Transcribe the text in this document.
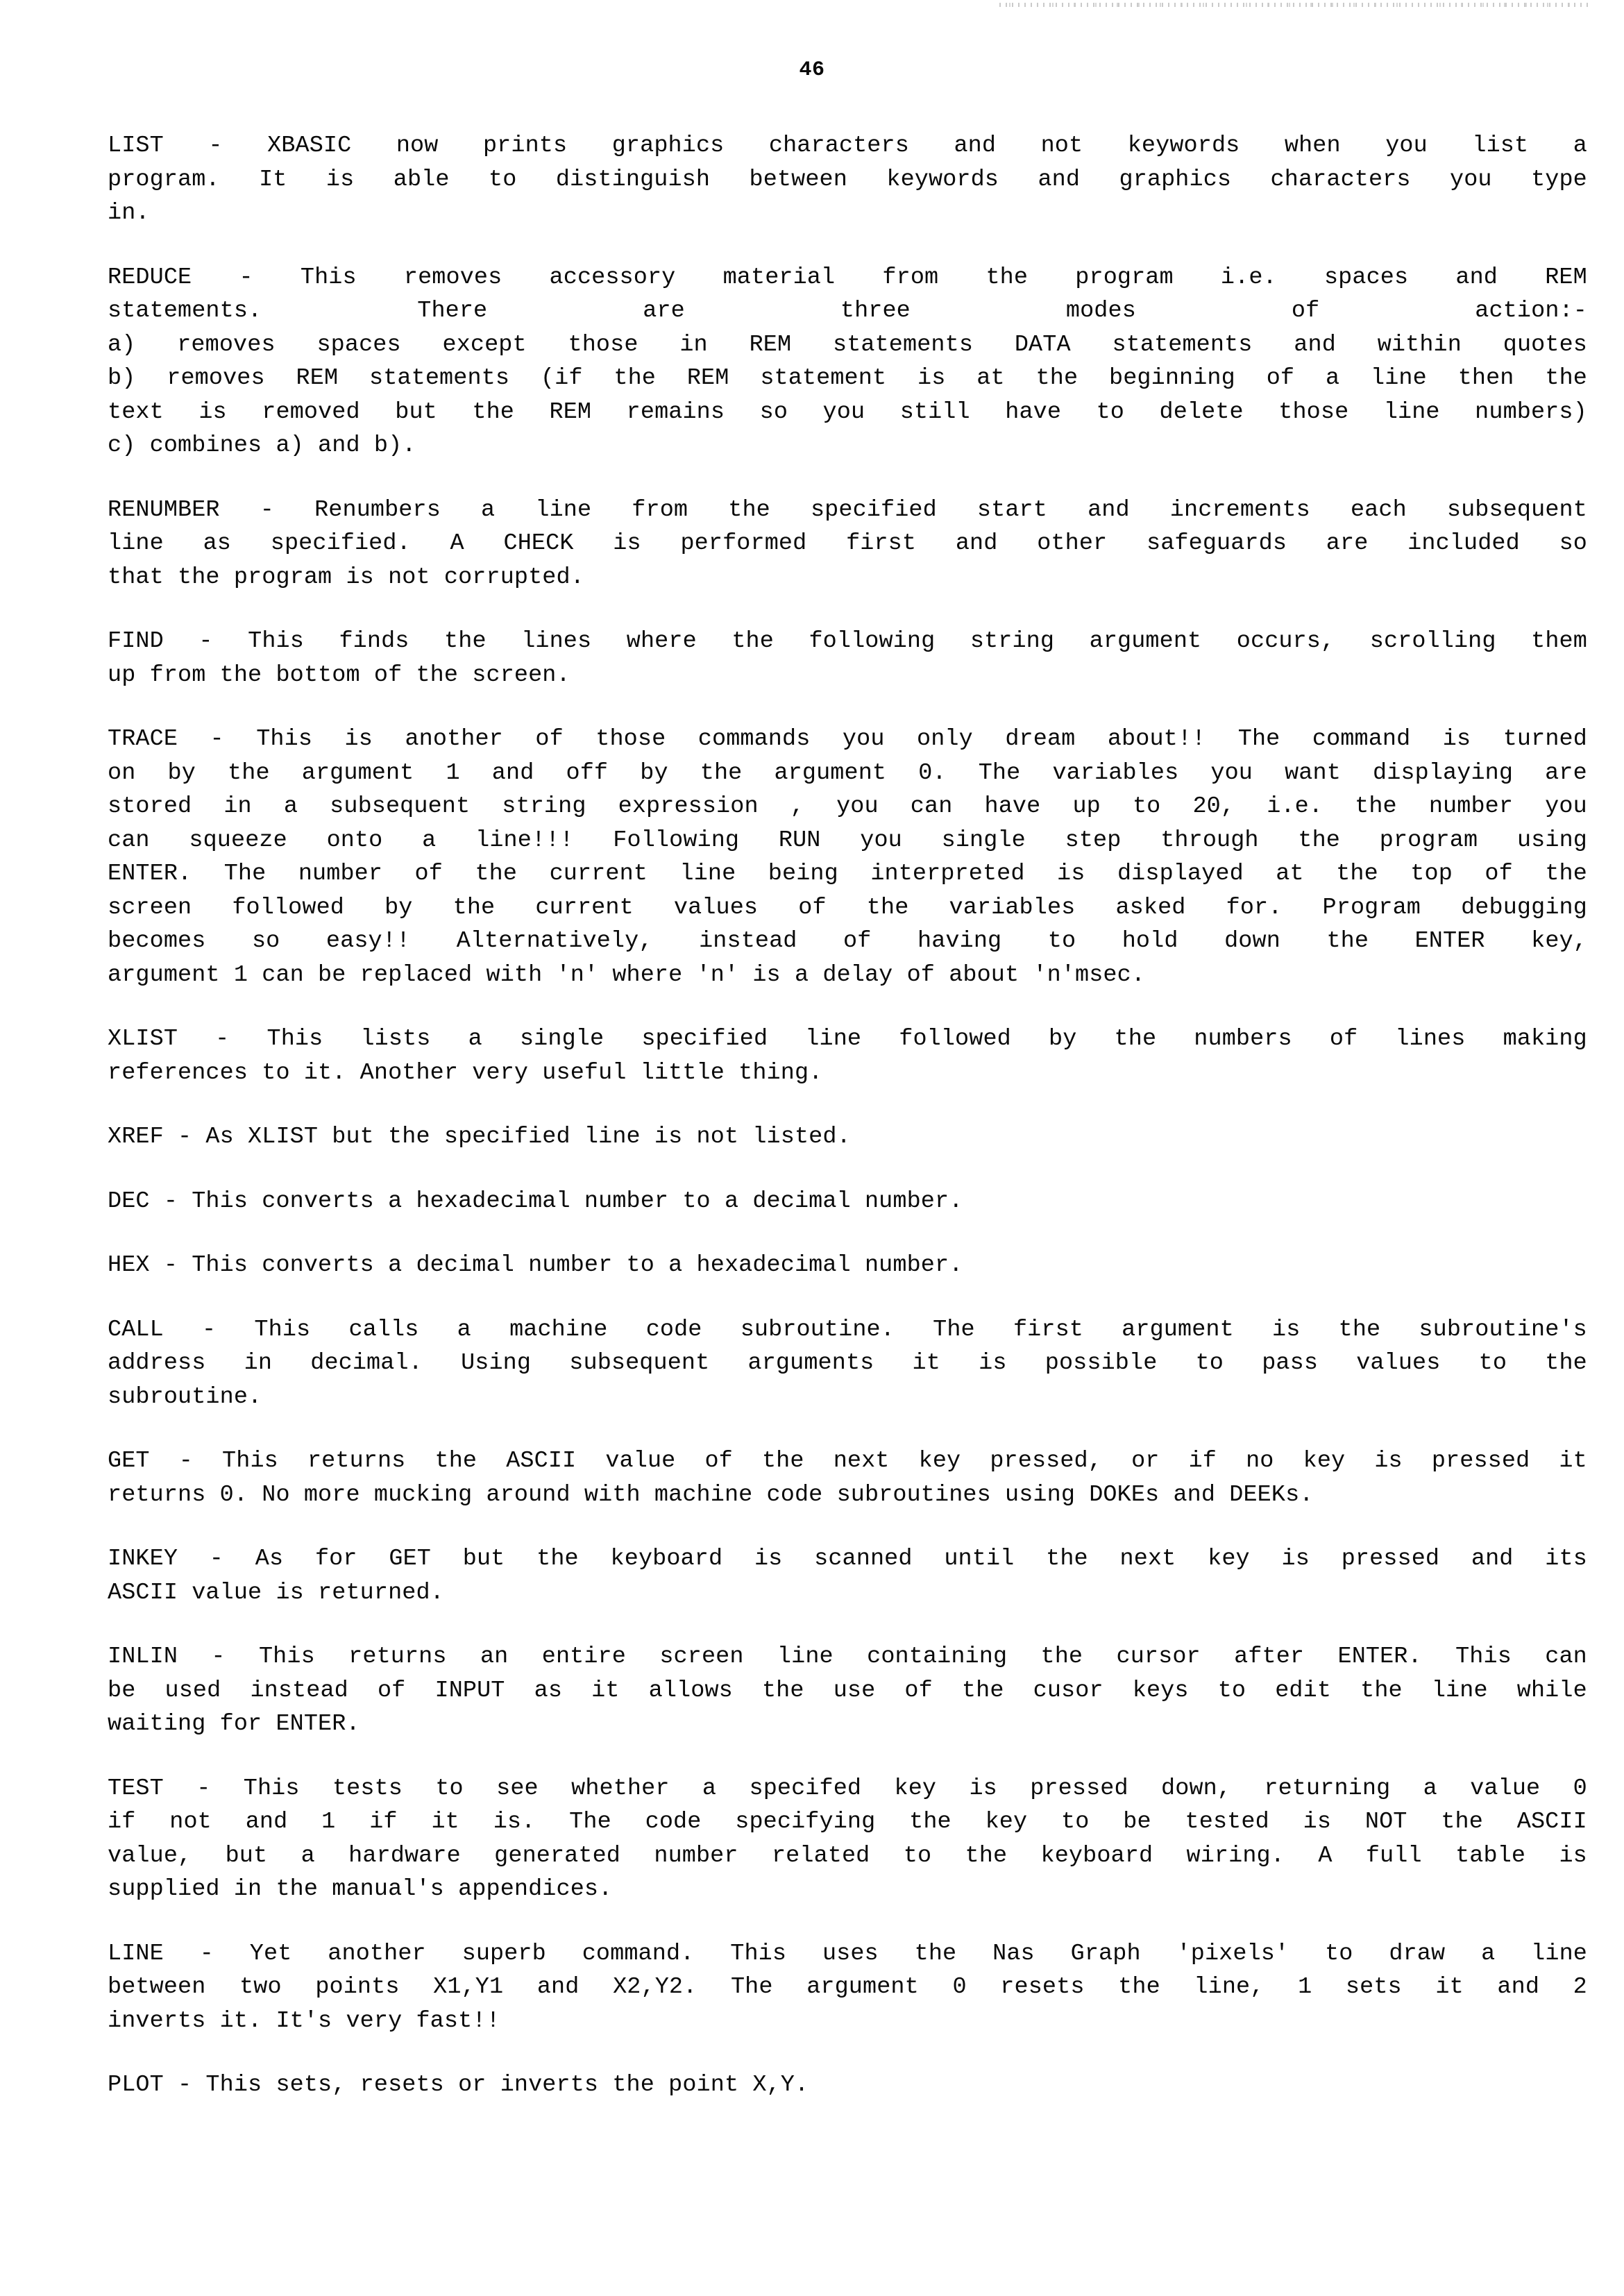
46

LIST - XBASIC now prints graphics characters and not keywords when you list a
program. It is able to distinguish between keywords and graphics characters you type
in.

REDUCE - This removes accessory material from the program i.e. spaces and REM
statements.	There	are	three	modes	of	action:-
a) removes spaces except those in REM statements DATA statements and within quotes
b) removes REM statements (if the REM statement is at the beginning of a line then the
text is removed but the REM remains so you still have to delete those line numbers)
c) combines a) and b).

RENUMBER - Renumbers a line from the specified start and increments each subsequent
line as specified. A CHECK is performed first and other safeguards are included so
that the program is not corrupted.

FIND - This finds the lines where the following string argument occurs, scrolling them
up from the bottom of the screen.

TRACE - This is another of those commands you only dream about!! The command is turned
on by the argument 1 and off by the argument 0. The variables you want displaying are
stored in a subsequent string expression , you can have up to 20, i.e. the number you
can squeeze onto a line!!! Following RUN you single step through the program using
ENTER. The number of the current line being interpreted is displayed at the top of the
screen followed by the current values of the variables asked for. Program debugging
becomes so easy!! Alternatively, instead of having to hold down the ENTER key,
argument 1 can be replaced with 'n' where 'n' is a delay of about 'n'msec.

XLIST - This lists a single specified line followed by the numbers of lines making
references to it. Another very useful little thing.

XREF - As XLIST but the specified line is not listed.

DEC - This converts a hexadecimal number to a decimal number.

HEX - This converts a decimal number to a hexadecimal number.

CALL - This calls a machine code subroutine. The first argument is the subroutine's
address in decimal. Using subsequent arguments it is possible to pass values to the
subroutine.

GET - This returns the ASCII value of the next key pressed, or if no key is pressed it
returns 0. No more mucking around with machine code subroutines using DOKEs and DEEKs.

INKEY - As for GET but the keyboard is scanned until the next key is pressed and its
ASCII value is returned.

INLIN - This returns an entire screen line containing the cursor after ENTER. This can
be used instead of INPUT as it allows the use of the cusor keys to edit the line while
waiting for ENTER.

TEST - This tests to see whether a specifed key is pressed down, returning a value 0
if not and 1 if it is. The code specifying the key to be tested is NOT the ASCII
value, but a hardware generated number related to the keyboard wiring. A full table is
supplied in the manual's appendices.

LINE - Yet another superb command. This uses the Nas Graph 'pixels' to draw a line
between two points X1,Y1 and X2,Y2. The argument 0 resets the line, 1 sets it and 2
inverts it. It's very fast!!

PLOT - This sets, resets or inverts the point X,Y.
